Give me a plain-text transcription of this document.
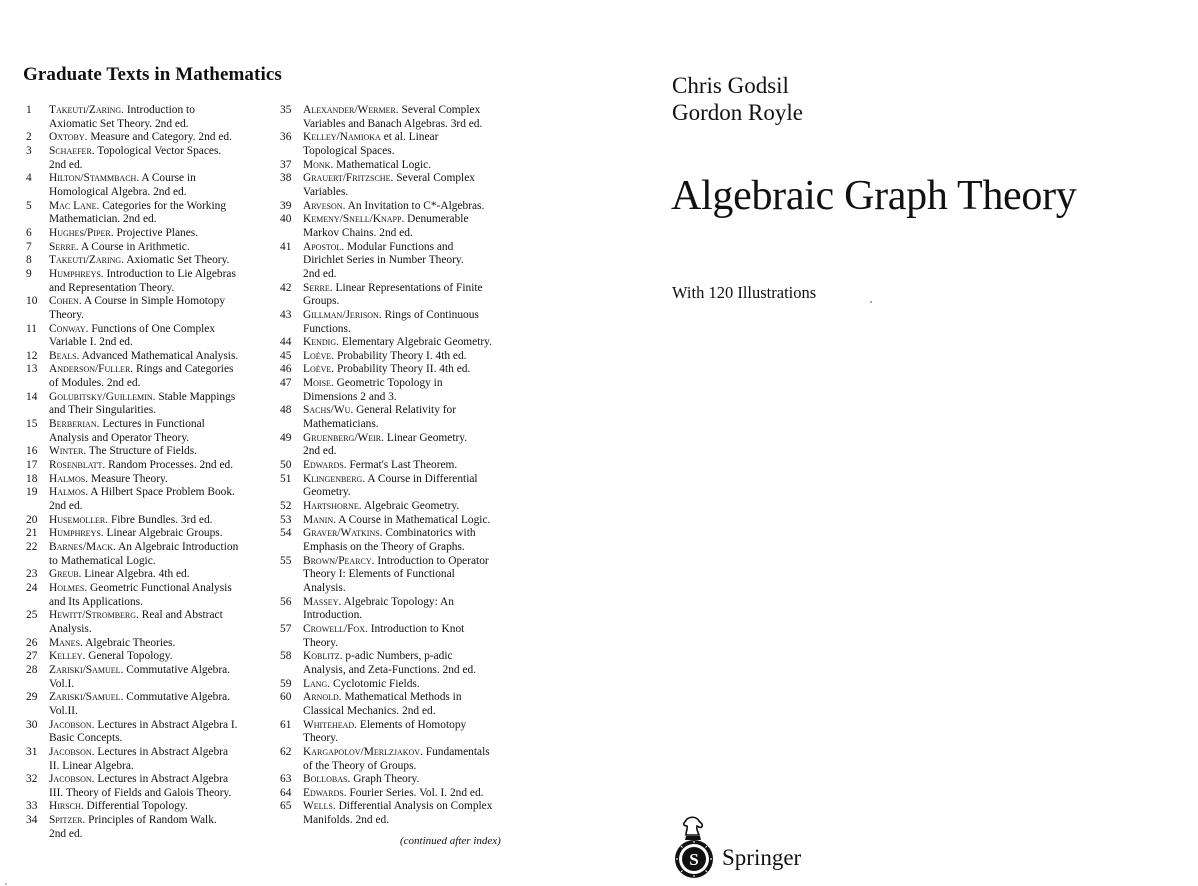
Graduate Texts in Mathematics
1	Takeuti/Zaring. Introduction to
Axiomatic Set Theory. 2nd ed.
2	Oxtoby. Measure and Category. 2nd ed.
3	Schaefer. Topological Vector Spaces.
2nd ed.
4	Hilton/Stammbach. A Course in
Homological Algebra. 2nd ed.
5	Mac Lane. Categories for the Working
Mathematician. 2nd ed.
6	Hughes/Piper. Projective Planes.
7	Serre. A Course in Arithmetic.
8	Takeuti/Zaring. Axiomatic Set Theory.
9	Humphreys. Introduction to Lie Algebras
and Representation Theory.
10	Cohen. A Course in Simple Homotopy
Theory.
11	Conway. Functions of One Complex
Variable I. 2nd ed.
12	Beals. Advanced Mathematical Analysis.
13	Anderson/Fuller. Rings and Categories
of Modules. 2nd ed.
14	Golubitsky/Guillemin. Stable Mappings
and Their Singularities.
15	Berberian. Lectures in Functional
Analysis and Operator Theory.
16	Winter. The Structure of Fields.
17	Rosenblatt. Random Processes. 2nd ed.
18	Halmos. Measure Theory.
19	Halmos. A Hilbert Space Problem Book.
2nd ed.
20	Husemoller. Fibre Bundles. 3rd ed.
21	Humphreys. Linear Algebraic Groups.
22	Barnes/Mack. An Algebraic Introduction
to Mathematical Logic.
23	Greub. Linear Algebra. 4th ed.
24	Holmes. Geometric Functional Analysis
and Its Applications.
25	Hewitt/Stromberg. Real and Abstract
Analysis.
26	Manes. Algebraic Theories.
27	Kelley. General Topology.
28	Zariski/Samuel. Commutative Algebra.
Vol.I.
29	Zariski/Samuel. Commutative Algebra.
Vol.II.
30	Jacobson. Lectures in Abstract Algebra I.
Basic Concepts.
31	Jacobson. Lectures in Abstract Algebra
II. Linear Algebra.
32	Jacobson. Lectures in Abstract Algebra
III. Theory of Fields and Galois Theory.
33	Hirsch. Differential Topology.
34	Spitzer. Principles of Random Walk.
2nd ed.
35	Alexander/Wermer. Several Complex
Variables and Banach Algebras. 3rd ed.
36	Kelley/Namioka et al. Linear
Topological Spaces.
37	Monk. Mathematical Logic.
38	Grauert/Fritzsche. Several Complex
Variables.
39	Arveson. An Invitation to C*-Algebras.
40	Kemeny/Snell/Knapp. Denumerable
Markov Chains. 2nd ed.
41	Apostol. Modular Functions and
Dirichlet Series in Number Theory.
2nd ed.
42	Serre. Linear Representations of Finite
Groups.
43	Gillman/Jerison. Rings of Continuous
Functions.
44	Kendig. Elementary Algebraic Geometry.
45	Loève. Probability Theory I. 4th ed.
46	Loève. Probability Theory II. 4th ed.
47	Moise. Geometric Topology in
Dimensions 2 and 3.
48	Sachs/Wu. General Relativity for
Mathematicians.
49	Gruenberg/Weir. Linear Geometry.
2nd ed.
50	Edwards. Fermat's Last Theorem.
51	Klingenberg. A Course in Differential
Geometry.
52	Hartshorne. Algebraic Geometry.
53	Manin. A Course in Mathematical Logic.
54	Graver/Watkins. Combinatorics with
Emphasis on the Theory of Graphs.
55	Brown/Pearcy. Introduction to Operator
Theory I: Elements of Functional
Analysis.
56	Massey. Algebraic Topology: An
Introduction.
57	Crowell/Fox. Introduction to Knot
Theory.
58	Koblitz. p-adic Numbers, p-adic
Analysis, and Zeta-Functions. 2nd ed.
59	Lang. Cyclotomic Fields.
60	Arnold. Mathematical Methods in
Classical Mechanics. 2nd ed.
61	Whitehead. Elements of Homotopy
Theory.
62	Kargapolov/Merlzjakov. Fundamentals
of the Theory of Groups.
63	Bollobas. Graph Theory.
64	Edwards. Fourier Series. Vol. I. 2nd ed.
65	Wells. Differential Analysis on Complex
Manifolds. 2nd ed.
(continued after index)
Chris Godsil
Gordon Royle
Algebraic Graph Theory
With 120 Illustrations
S Springer
